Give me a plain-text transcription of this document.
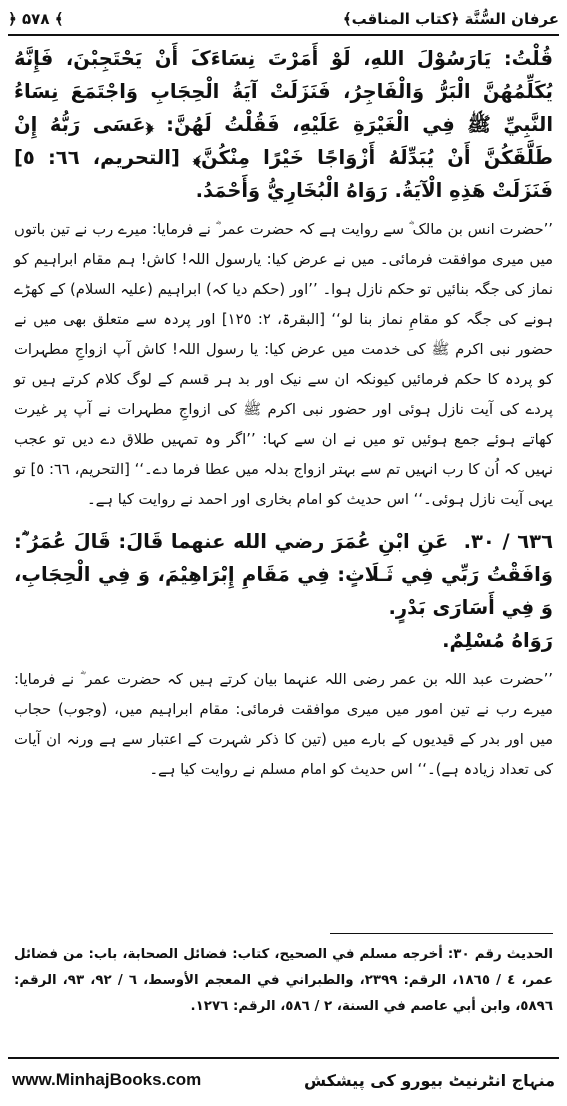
عرفان السُّنَّة ﴿کتاب المناقب﴾
﴾ ۵۷۸ ﴿

قُلْتُ: يَارَسُوْلَ اللهِ، لَوْ أَمَرْتَ نِسَاءَکَ أَنْ يَحْتَجِبْنَ، فَإِنَّهُ يُکَلِّمُهُنَّ الْبَرُّ وَالْفَاجِرُ، فَنَزَلَتْ آيَةُ الْحِجَابِ وَاجْتَمَعَ نِسَاءُ النَّبِيِّ ﷺ فِي الْغَيْرَةِ عَلَيْهِ، فَقُلْتُ لَهُنَّ: ﴿عَسَى رَبُّهُ إِنْ طَلَّقَکُنَّ أَنْ يُبَدِّلَهُ أَزْوَاجًا خَيْرًا مِنْکُنَّ﴾ [التحريم، ٦٦: ٥] فَنَزَلَتْ هَذِهِ الْآيَةُ. رَوَاهُ الْبُخَارِيُّ وَأَحْمَدُ.

’’حضرت انس بن مالک ؓ سے روایت ہے کہ حضرت عمر ؓ نے فرمایا: میرے رب نے تین باتوں میں میری موافقت فرمائی۔ میں نے عرض کیا: یارسول اللہ! کاش! ہم مقام ابراہیم کو نماز کی جگہ بنائیں تو حکم نازل ہوا۔ ’’اور (حکم دیا کہ) ابراہیم (علیہ السلام) کے کھڑے ہونے کی جگہ کو مقامِ نماز بنا لو‘‘ [البقرۃ، ٢: ١٢٥] اور پردہ سے متعلق بھی میں نے حضور نبی اکرم ﷺ کی خدمت میں عرض کیا: یا رسول اللہ! کاش آپ ازواجِ مطہرات کو پردہ کا حکم فرمائیں کیونکہ ان سے نیک اور بد ہر قسم کے لوگ کلام کرتے ہیں تو پردے کی آیت نازل ہوئی اور حضور نبی اکرم ﷺ کی ازواجِ مطہرات نے آپ پر غیرت کھاتے ہوئے جمع ہوئیں تو میں نے ان سے کہا: ’’اگر وہ تمہیں طلاق دے دیں تو عجب نہیں کہ اُن کا رب انہیں تم سے بہتر ازواج بدلہ میں عطا فرما دے۔‘‘ [التحریم، ٦٦: ٥] تو یہی آیت نازل ہوئی۔‘‘ اس حدیث کو امام بخاری اور احمد نے روایت کیا ہے۔

٦٣٦ / ٣٠.  عَنِ ابْنِ عُمَرَ رضي الله عنهما قَالَ: قَالَ عُمَرُ ؓ: وَافَقْتُ رَبِّي فِي ثَـلَاثٍ: فِي مَقَامِ إِبْرَاهِيْمَ، وَ فِي الْحِجَابِ، وَ فِي أَسَارَى بَدْرٍ.

رَوَاهُ مُسْلِمٌ.

’’حضرت عبد اللہ بن عمر رضی اللہ عنہما بیان کرتے ہیں کہ حضرت عمر ؓ نے فرمایا: میرے رب نے تین امور میں میری موافقت فرمائی: مقام ابراہیم میں، (وجوب) حجاب میں اور بدر کے قیدیوں کے بارے میں (تین کا ذکر شہرت کے اعتبار سے ہے ورنہ ان آیات کی تعداد زیادہ ہے)۔‘‘ اس حدیث کو امام مسلم نے روایت کیا ہے۔

الحديث رقم ٣٠: أخرجه مسلم في الصحيح، كتاب: فضائل الصحابة، باب: من فضائل عمر، ٤ / ١٨٦٥، الرقم: ٢٣٩٩، والطبراني في المعجم الأوسط، ٦ / ٩٢، ٩٣، الرقم: ٥٨٩٦، وابن أبي عاصم في السنة، ٢ / ٥٨٦، الرقم: ١٢٧٦.
www.MinhajBooks.com	منہاج انٹرنیٹ بیورو کی پیشکش
